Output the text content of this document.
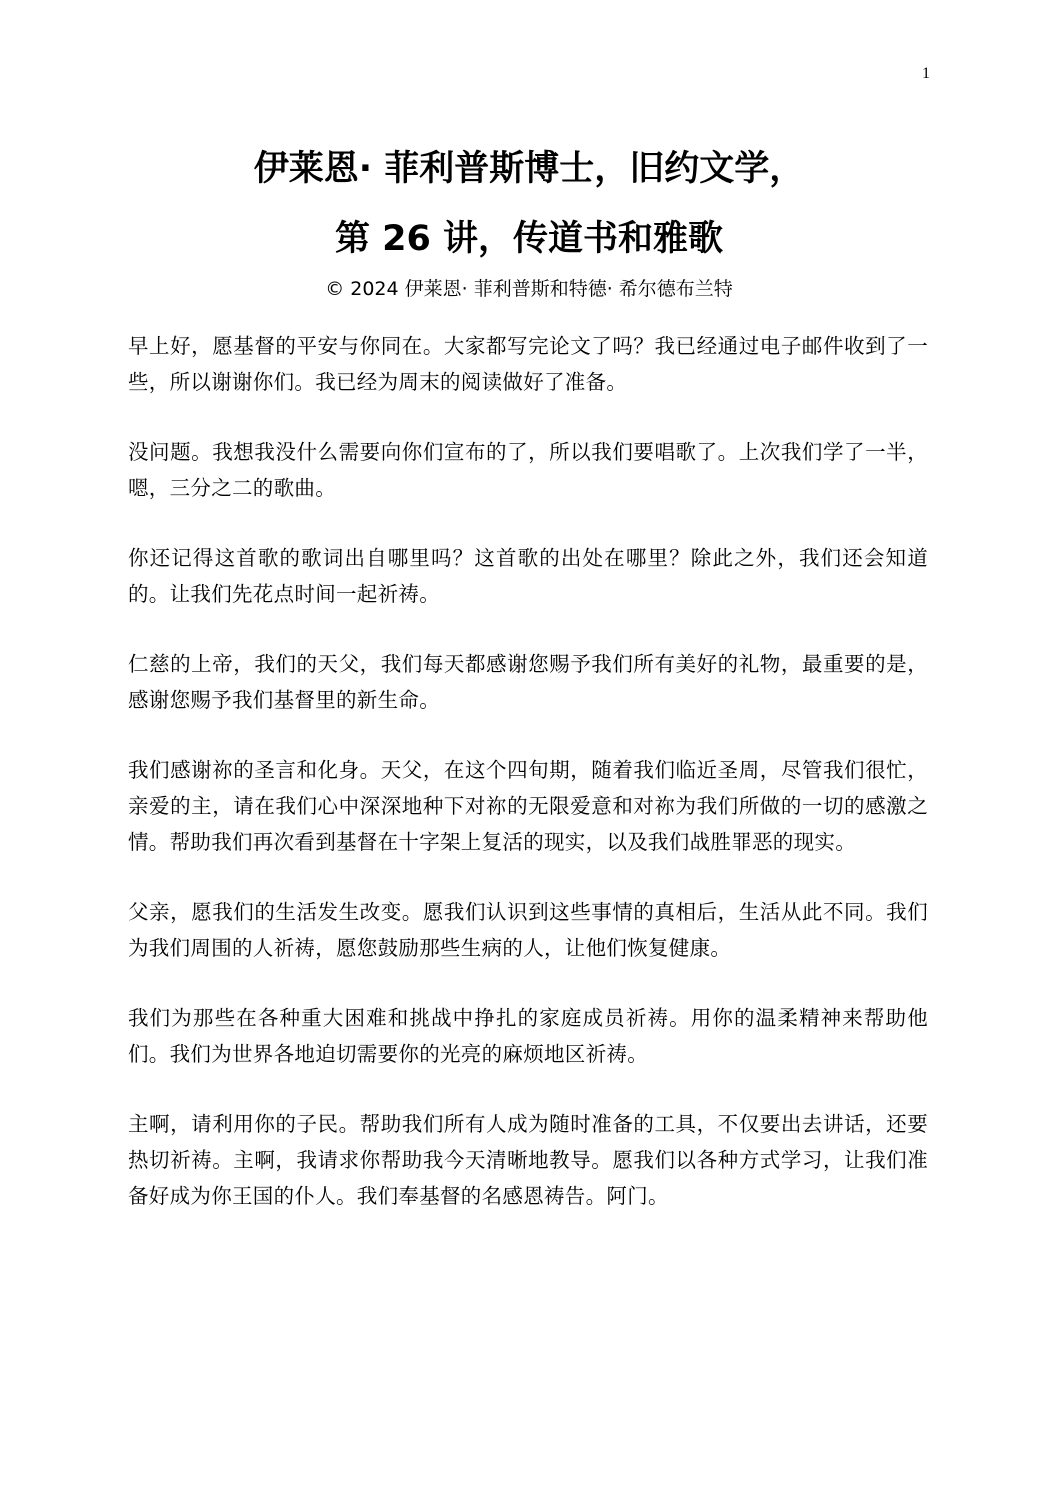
1
伊莱恩· 菲利普斯博士，旧约文学，
第 26 讲，传道书和雅歌
© 2024 伊莱恩· 菲利普斯和特德· 希尔德布兰特

早上好，愿基督的平安与你同在。大家都写完论文了吗？我已经通过电子邮件收到了一些，所以谢谢你们。我已经为周末的阅读做好了准备。

没问题。我想我没什么需要向你们宣布的了，所以我们要唱歌了。上次我们学了一半，嗯，三分之二的歌曲。

你还记得这首歌的歌词出自哪里吗？这首歌的出处在哪里？除此之外，我们还会知道的。让我们先花点时间一起祈祷。

仁慈的上帝，我们的天父，我们每天都感谢您赐予我们所有美好的礼物，最重要的是，感谢您赐予我们基督里的新生命。

我们感谢祢的圣言和化身。天父，在这个四旬期，随着我们临近圣周，尽管我们很忙，亲爱的主，请在我们心中深深地种下对祢的无限爱意和对祢为我们所做的一切的感激之情。帮助我们再次看到基督在十字架上复活的现实，以及我们战胜罪恶的现实。

父亲，愿我们的生活发生改变。愿我们认识到这些事情的真相后，生活从此不同。我们为我们周围的人祈祷，愿您鼓励那些生病的人，让他们恢复健康。

我们为那些在各种重大困难和挑战中挣扎的家庭成员祈祷。用你的温柔精神来帮助他们。我们为世界各地迫切需要你的光亮的麻烦地区祈祷。

主啊，请利用你的子民。帮助我们所有人成为随时准备的工具，不仅要出去讲话，还要热切祈祷。主啊，我请求你帮助我今天清晰地教导。愿我们以各种方式学习，让我们准备好成为你王国的仆人。我们奉基督的名感恩祷告。阿门。
